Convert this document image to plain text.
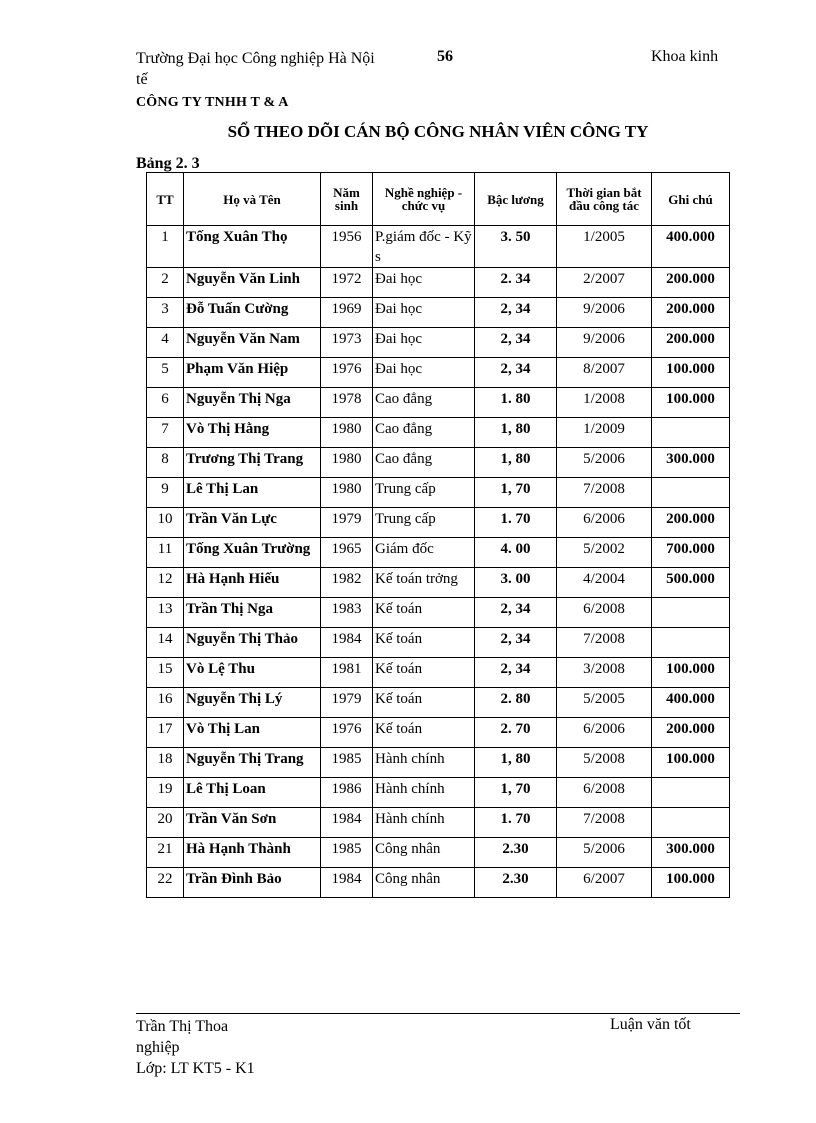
Trường Đại học Công nghiệp Hà Nội
tế
56	Khoa kinh
CÔNG TY TNHH T & A
SỔ THEO DÕI CÁN BỘ CÔNG NHÂN VIÊN CÔNG TY
Bảng 2. 3
TT	Họ và Tên	Năm sinh	Nghề nghiệp - chức vụ	Bậc lương	Thời gian bắt đầu công tác	Ghi chú
1	Tống Xuân Thọ	1956	P.giám đốc - Kỹ s	3. 50	1/2005	400.000
2	Nguyễn Văn Linh	1972	Đai học	2. 34	2/2007	200.000
3	Đỗ Tuấn Cường	1969	Đai học	2, 34	9/2006	200.000
4	Nguyễn Văn Nam	1973	Đai học	2, 34	9/2006	200.000
5	Phạm Văn Hiệp	1976	Đai học	2, 34	8/2007	100.000
6	Nguyễn Thị Nga	1978	Cao đẳng	1. 80	1/2008	100.000
7	Vò Thị Hằng	1980	Cao đẳng	1, 80	1/2009	
8	Trương Thị Trang	1980	Cao đẳng	1, 80	5/2006	300.000
9	Lê Thị Lan	1980	Trung cấp	1, 70	7/2008	
10	Trần Văn Lực	1979	Trung cấp	1. 70	6/2006	200.000
11	Tống Xuân Trường	1965	Giám đốc	4. 00	5/2002	700.000
12	Hà Hạnh Hiếu	1982	Kế toán trởng	3. 00	4/2004	500.000
13	Trần Thị Nga	1983	Kế toán	2, 34	6/2008	
14	Nguyễn Thị Thảo	1984	Kế toán	2, 34	7/2008	
15	Vò Lệ Thu	1981	Kế toán	2, 34	3/2008	100.000
16	Nguyễn Thị Lý	1979	Kế toán	2. 80	5/2005	400.000
17	Vò Thị Lan	1976	Kế toán	2. 70	6/2006	200.000
18	Nguyễn Thị Trang	1985	Hành chính	1, 80	5/2008	100.000
19	Lê Thị Loan	1986	Hành chính	1, 70	6/2008	
20	Trần Văn Sơn	1984	Hành chính	1. 70	7/2008	
21	Hà Hạnh Thành	1985	Công nhân	2.30	5/2006	300.000
22	Trần Đình Bảo	1984	Công nhân	2.30	6/2007	100.000
Trần Thị Thoa
nghiệp
Lớp: LT KT5 - K1
Luận văn tốt
